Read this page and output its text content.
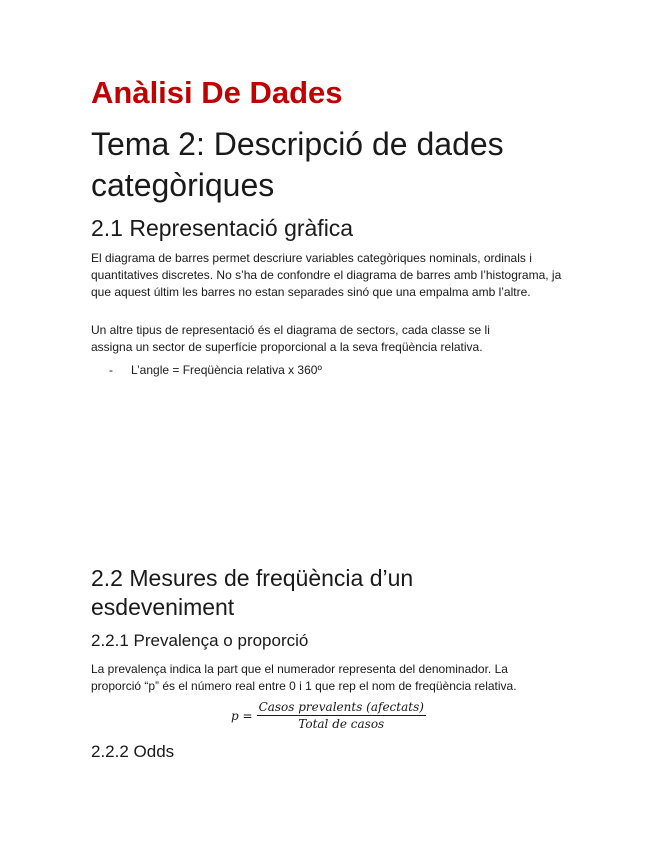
Anàlisi De Dades
Tema 2: Descripció de dades categòriques
2.1 Representació gràfica

El diagrama de barres permet descriure variables categòriques nominals, ordinals i quantitatives discretes. No s’ha de confondre el diagrama de barres amb l’histograma, ja que aquest últim les barres no estan separades sinó que una empalma amb l’altre.

Un altre tipus de representació és el diagrama de sectors, cada classe se li assigna un sector de superfície proporcional a la seva freqüència relativa.

- L’angle = Freqüència relativa x 360º
2.2 Mesures de freqüència d’un esdeveniment
2.2.1 Prevalença o proporció

La prevalença indica la part que el numerador representa del denominador. La proporció “p” és el número real entre 0 i 1 que rep el nom de freqüència relativa.

$p = \frac{\text{Casos prevalents (afectats)}}{\text{Total de casos}}$
2.2.2 Odds
